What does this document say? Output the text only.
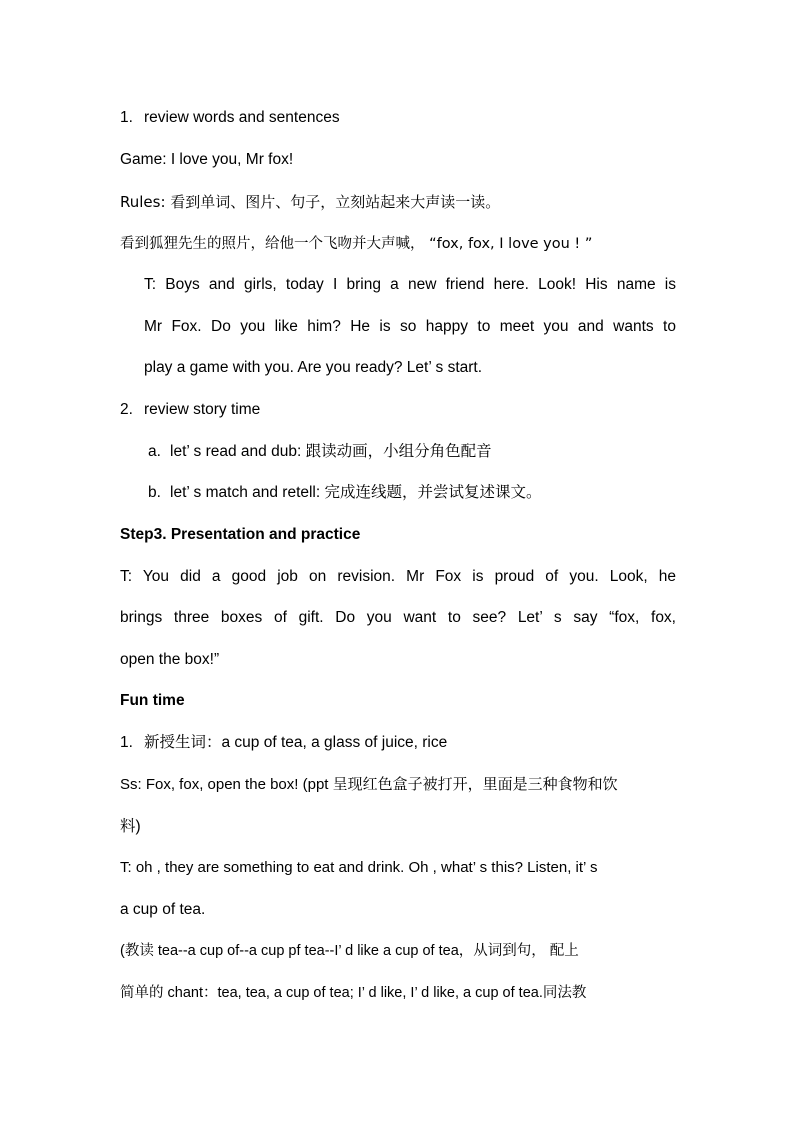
1. review words and sentences
Game: I love you, Mr fox!
Rules: 看到单词、图片、句子，立刻站起来大声读一读。
看到狐狸先生的照片，给他一个飞吻并大声喊， “fox, fox, I love you ! ”
T: Boys and girls, today I bring a new friend here. Look! His name is
Mr Fox. Do you like him? He is so happy to meet you and wants to
play a game with you. Are you ready? Let’ s start.
2. review story time
a. let’ s read and dub: 跟读动画，小组分角色配音
b. let’ s match and retell: 完成连线题，并尝试复述课文。
Step3. Presentation and practice
T: You did a good job on revision. Mr Fox is proud of you. Look, he
brings three boxes of gift. Do you want to see? Let’ s say “fox, fox,
open the box!”
Fun time
1. 新授生词：a cup of tea, a glass of juice, rice
Ss: Fox, fox, open the box! (ppt 呈现红色盒子被打开，里面是三种食物和饮
料)
T: oh , they are something to eat and drink. Oh , what’ s this? Listen, it’ s
a cup of tea.
(教读 tea--a cup of--a cup pf tea--I’ d like a cup of tea，从词到句， 配上
简单的 chant：tea, tea, a cup of tea; I’ d like, I’ d like, a cup of tea.同法教
